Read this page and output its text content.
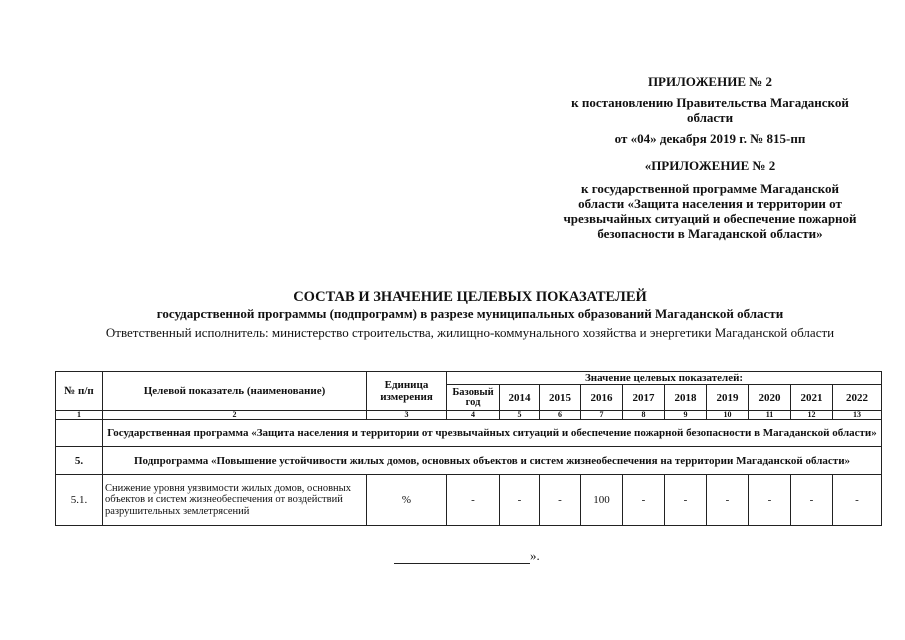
ПРИЛОЖЕНИЕ № 2
к постановлению Правительства Магаданской области
от «04» декабря 2019 г. № 815-пп
«ПРИЛОЖЕНИЕ № 2
к государственной программе Магаданской области «Защита населения и территории от чрезвычайных ситуаций и обеспечение пожарной безопасности в Магаданской области»
СОСТАВ И ЗНАЧЕНИЕ ЦЕЛЕВЫХ ПОКАЗАТЕЛЕЙ
государственной программы (подпрограмм) в разрезе муниципальных образований Магаданской области
Ответственный исполнитель: министерство строительства, жилищно-коммунального хозяйства и энергетики Магаданской области
№ п/п	Целевой показатель (наименование)	Единица измерения	Значение целевых показателей:									
			Базовый год	2014	2015	2016	2017	2018	2019	2020	2021	2022
1	2	3	4	5	6	7	8	9	10	11	12	13
	Государственная программа «Защита населения и территории от чрезвычайных ситуаций и обеспечение пожарной безопасности в Магаданской области»											
5.	Подпрограмма «Повышение устойчивости жилых домов, основных объектов и систем жизнеобеспечения на территории Магаданской области»											
5.1.	Снижение уровня уязвимости жилых домов, основных объектов и систем жизнеобеспечения от воздействий разрушительных землетрясений	%	-	-	-	100	-	-	-	-	-	-
».
